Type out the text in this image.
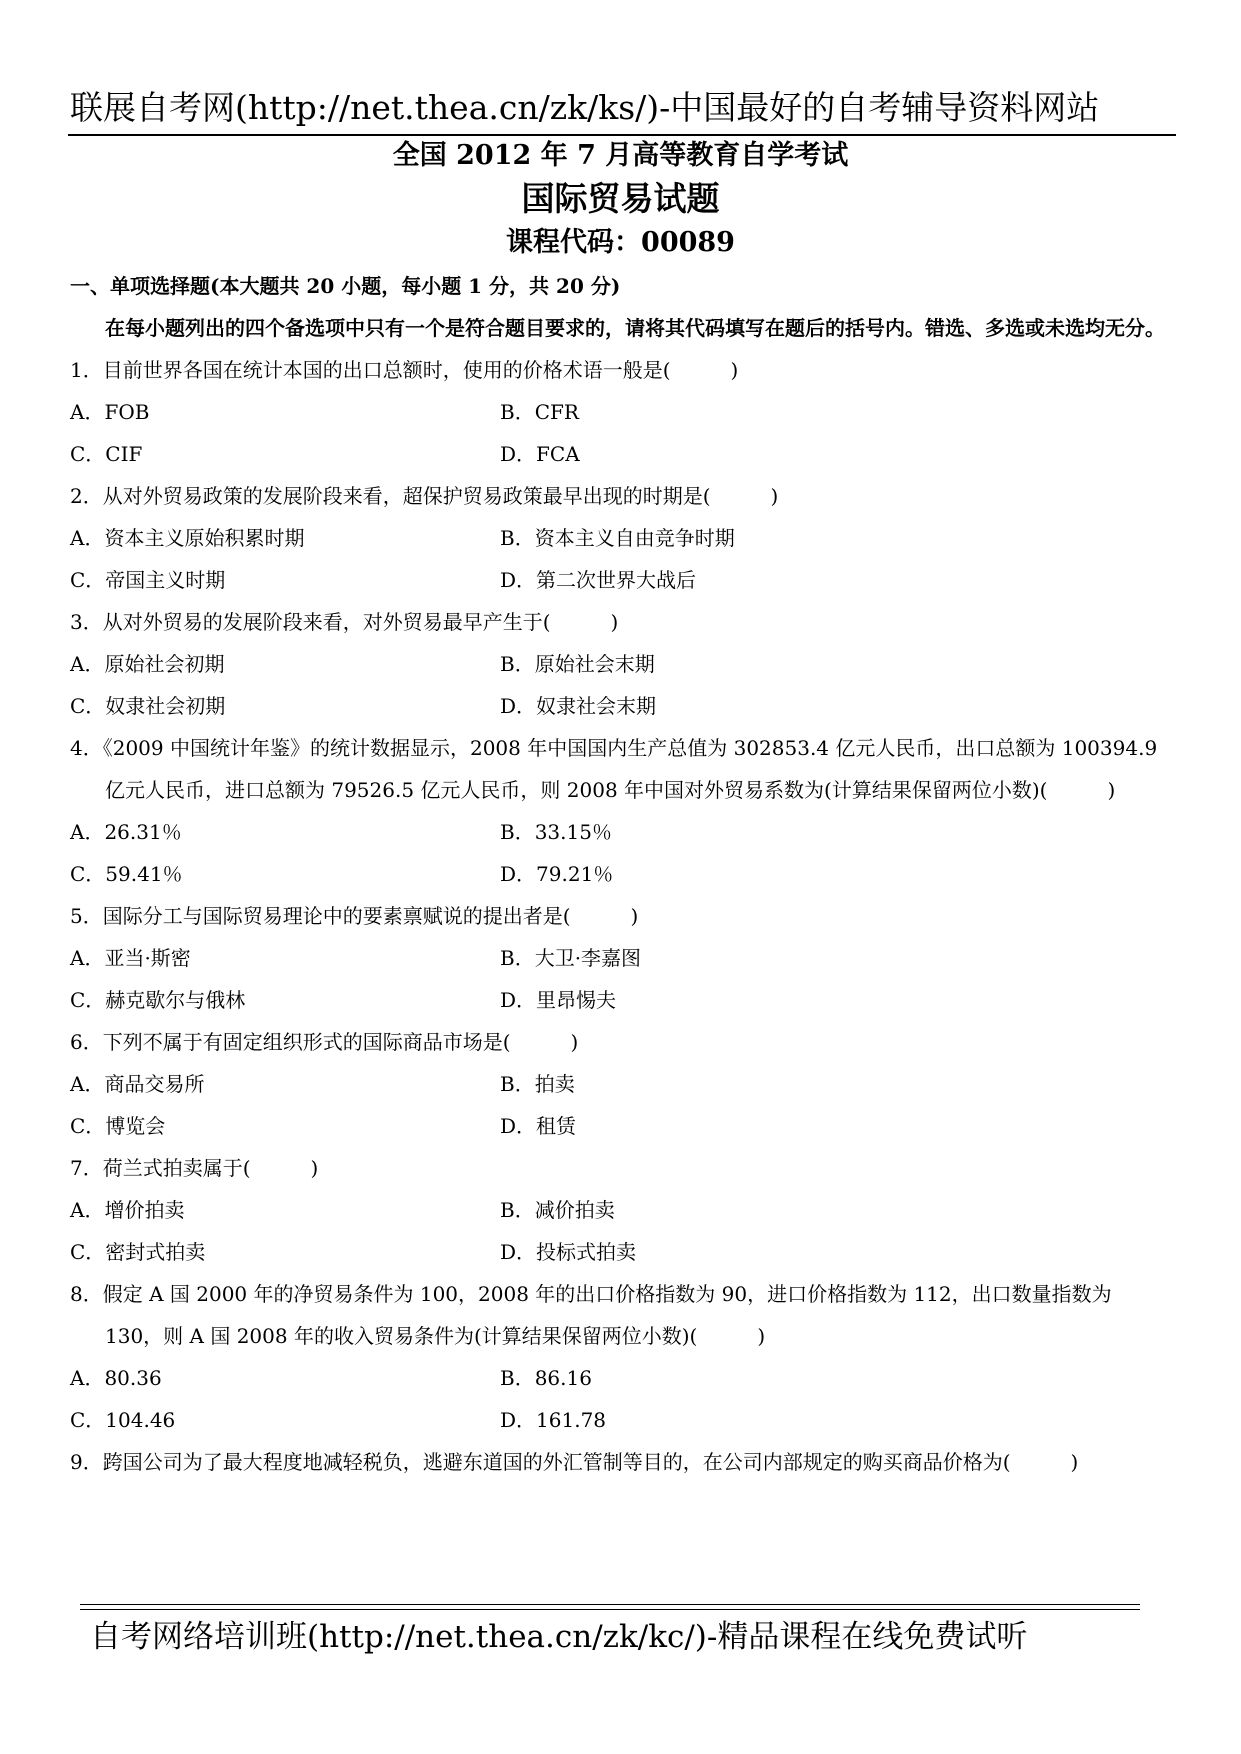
联展自考网(http://net.thea.cn/zk/ks/)-中国最好的自考辅导资料网站
全国 2012 年 7 月高等教育自学考试
国际贸易试题
课程代码：00089
一、单项选择题(本大题共 20 小题，每小题 1 分，共 20 分)
在每小题列出的四个备选项中只有一个是符合题目要求的，请将其代码填写在题后的括号内。错选、多选或未选均无分。
1．目前世界各国在统计本国的出口总额时，使用的价格术语一般是(　　　)
A．FOB	B．CFR
C．CIF	D．FCA
2．从对外贸易政策的发展阶段来看，超保护贸易政策最早出现的时期是(　　　)
A．资本主义原始积累时期	B．资本主义自由竞争时期
C．帝国主义时期	D．第二次世界大战后
3．从对外贸易的发展阶段来看，对外贸易最早产生于(　　　)
A．原始社会初期	B．原始社会末期
C．奴隶社会初期	D．奴隶社会末期
4．《2009 中国统计年鉴》的统计数据显示，2008 年中国国内生产总值为 302853.4 亿元人民币，出口总额为 100394.9 亿元人民币，进口总额为 79526.5 亿元人民币，则 2008 年中国对外贸易系数为(计算结果保留两位小数)(　　　)
A．26.31％	B．33.15％
C．59.41％	D．79.21％
5．国际分工与国际贸易理论中的要素禀赋说的提出者是(　　　)
A．亚当·斯密	B．大卫·李嘉图
C．赫克歇尔与俄林	D．里昂惕夫
6．下列不属于有固定组织形式的国际商品市场是(　　　)
A．商品交易所	B．拍卖
C．博览会	D．租赁
7．荷兰式拍卖属于(　　　)
A．增价拍卖	B．减价拍卖
C．密封式拍卖	D．投标式拍卖
8．假定 A 国 2000 年的净贸易条件为 100，2008 年的出口价格指数为 90，进口价格指数为 112，出口数量指数为 130，则 A 国 2008 年的收入贸易条件为(计算结果保留两位小数)(　　　)
A．80.36	B．86.16
C．104.46	D．161.78
9．跨国公司为了最大程度地减轻税负，逃避东道国的外汇管制等目的，在公司内部规定的购买商品价格为(　　　)
自考网络培训班(http://net.thea.cn/zk/kc/)-精品课程在线免费试听
